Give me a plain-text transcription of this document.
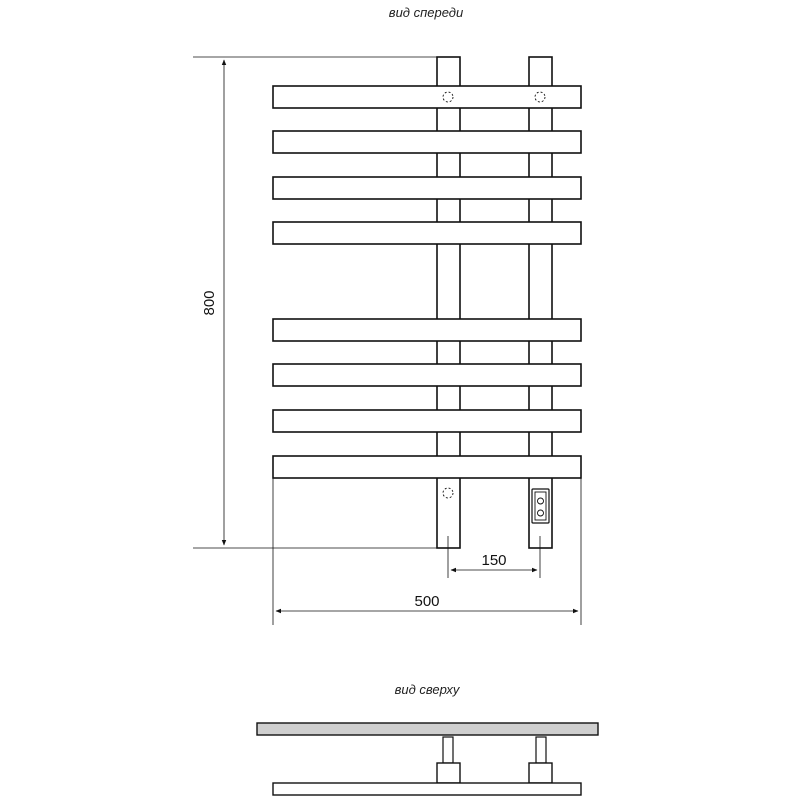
вид спереди
800
150
500
вид сверху
